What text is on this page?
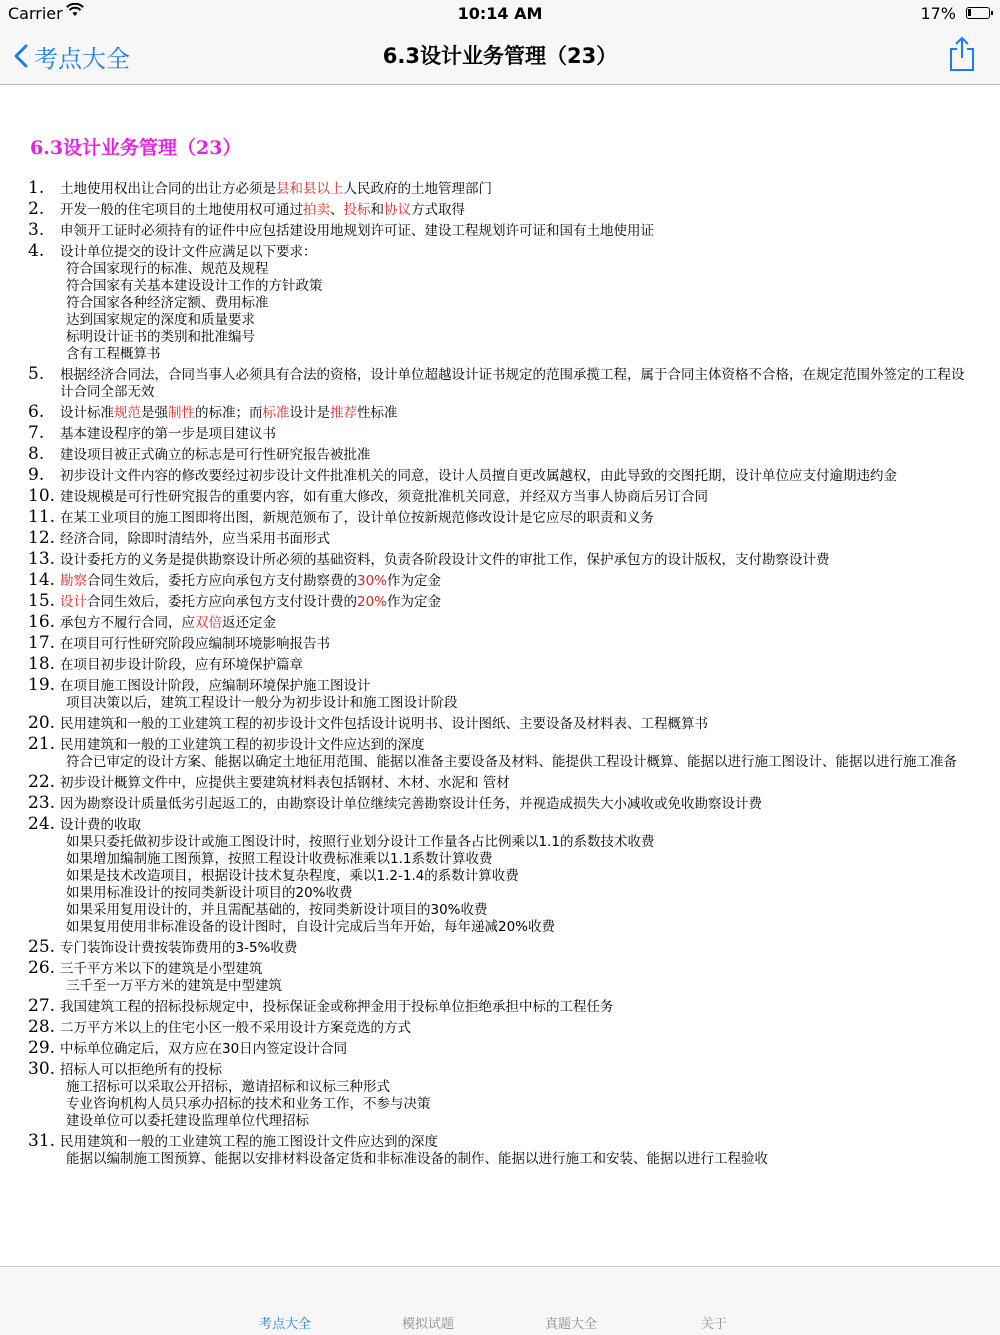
Carrier	10:14 AM	17%
考点大全	6.3设计业务管理（23）
6.3设计业务管理（23）
1. 土地使用权出让合同的出让方必须是县和县以上人民政府的土地管理部门
2. 开发一般的住宅项目的土地使用权可通过拍卖、投标和协议方式取得
3. 申领开工证时必须持有的证件中应包括建设用地规划许可证、建设工程规划许可证和国有土地使用证
4. 设计单位提交的设计文件应满足以下要求：
符合国家现行的标准、规范及规程
符合国家有关基本建设设计工作的方针政策
符合国家各种经济定额、费用标准
达到国家规定的深度和质量要求
标明设计证书的类别和批准编号
含有工程概算书
5. 根据经济合同法，合同当事人必须具有合法的资格，设计单位超越设计证书规定的范围承揽工程，属于合同主体资格不合格，在规定范围外签定的工程设计合同全部无效
6. 设计标准规范是强制性的标准；而标准设计是推荐性标准
7. 基本建设程序的第一步是项目建议书
8. 建设项目被正式确立的标志是可行性研究报告被批准
9. 初步设计文件内容的修改要经过初步设计文件批准机关的同意，设计人员擅自更改属越权，由此导致的交图托期，设计单位应支付逾期违约金
10. 建设规模是可行性研究报告的重要内容，如有重大修改，须竟批准机关同意，并经双方当事人协商后另订合同
11. 在某工业项目的施工图即将出图，新规范颁布了，设计单位按新规范修改设计是它应尽的职责和义务
12. 经济合同，除即时清结外，应当采用书面形式
13. 设计委托方的义务是提供勘察设计所必须的基础资料，负责各阶段设计文件的审批工作，保护承包方的设计版权，支付勘察设计费
14. 勘察合同生效后，委托方应向承包方支付勘察费的30%作为定金
15. 设计合同生效后，委托方应向承包方支付设计费的20%作为定金
16. 承包方不履行合同，应双倍返还定金
17. 在项目可行性研究阶段应编制环境影响报告书
18. 在项目初步设计阶段，应有环境保护篇章
19. 在项目施工图设计阶段，应编制环境保护施工图设计
项目决策以后，建筑工程设计一般分为初步设计和施工图设计阶段
20. 民用建筑和一般的工业建筑工程的初步设计文件包括设计说明书、设计图纸、主要设备及材料表、工程概算书
21. 民用建筑和一般的工业建筑工程的初步设计文件应达到的深度
符合已审定的设计方案、能据以确定土地征用范围、能据以准备主要设备及材料、能提供工程设计概算、能据以进行施工图设计、能据以进行施工准备
22. 初步设计概算文件中，应提供主要建筑材料表包括钢材、木材、水泥和 管材
23. 因为勘察设计质量低劣引起返工的，由勘察设计单位继续完善勘察设计任务，并视造成损失大小减收或免收勘察设计费
24. 设计费的收取
如果只委托做初步设计或施工图设计时，按照行业划分设计工作量各占比例乘以1.1的系数技术收费
如果增加编制施工图预算，按照工程设计收费标准乘以1.1系数计算收费
如果是技术改造项目，根据设计技术复杂程度，乘以1.2-1.4的系数计算收费
如果用标准设计的按同类新设计项目的20%收费
如果采用复用设计的，并且需配基础的，按同类新设计项目的30%收费
如果复用使用非标准设备的设计图时，自设计完成后当年开始，每年递减20%收费
25. 专门装饰设计费按装饰费用的3-5%收费
26. 三千平方米以下的建筑是小型建筑
三千至一万平方米的建筑是中型建筑
27. 我国建筑工程的招标投标规定中，投标保证金或称押金用于投标单位拒绝承担中标的工程任务
28. 二万平方米以上的住宅小区一般不采用设计方案竞选的方式
29. 中标单位确定后，双方应在30日内签定设计合同
30. 招标人可以拒绝所有的投标
施工招标可以采取公开招标，邀请招标和议标三种形式
专业咨询机构人员只承办招标的技术和业务工作，不参与决策
建设单位可以委托建设监理单位代理招标
31. 民用建筑和一般的工业建筑工程的施工图设计文件应达到的深度
能据以编制施工图预算、能据以安排材料设备定货和非标准设备的制作、能据以进行施工和安装、能据以进行工程验收
考点大全	模拟试题	真题大全	关于
